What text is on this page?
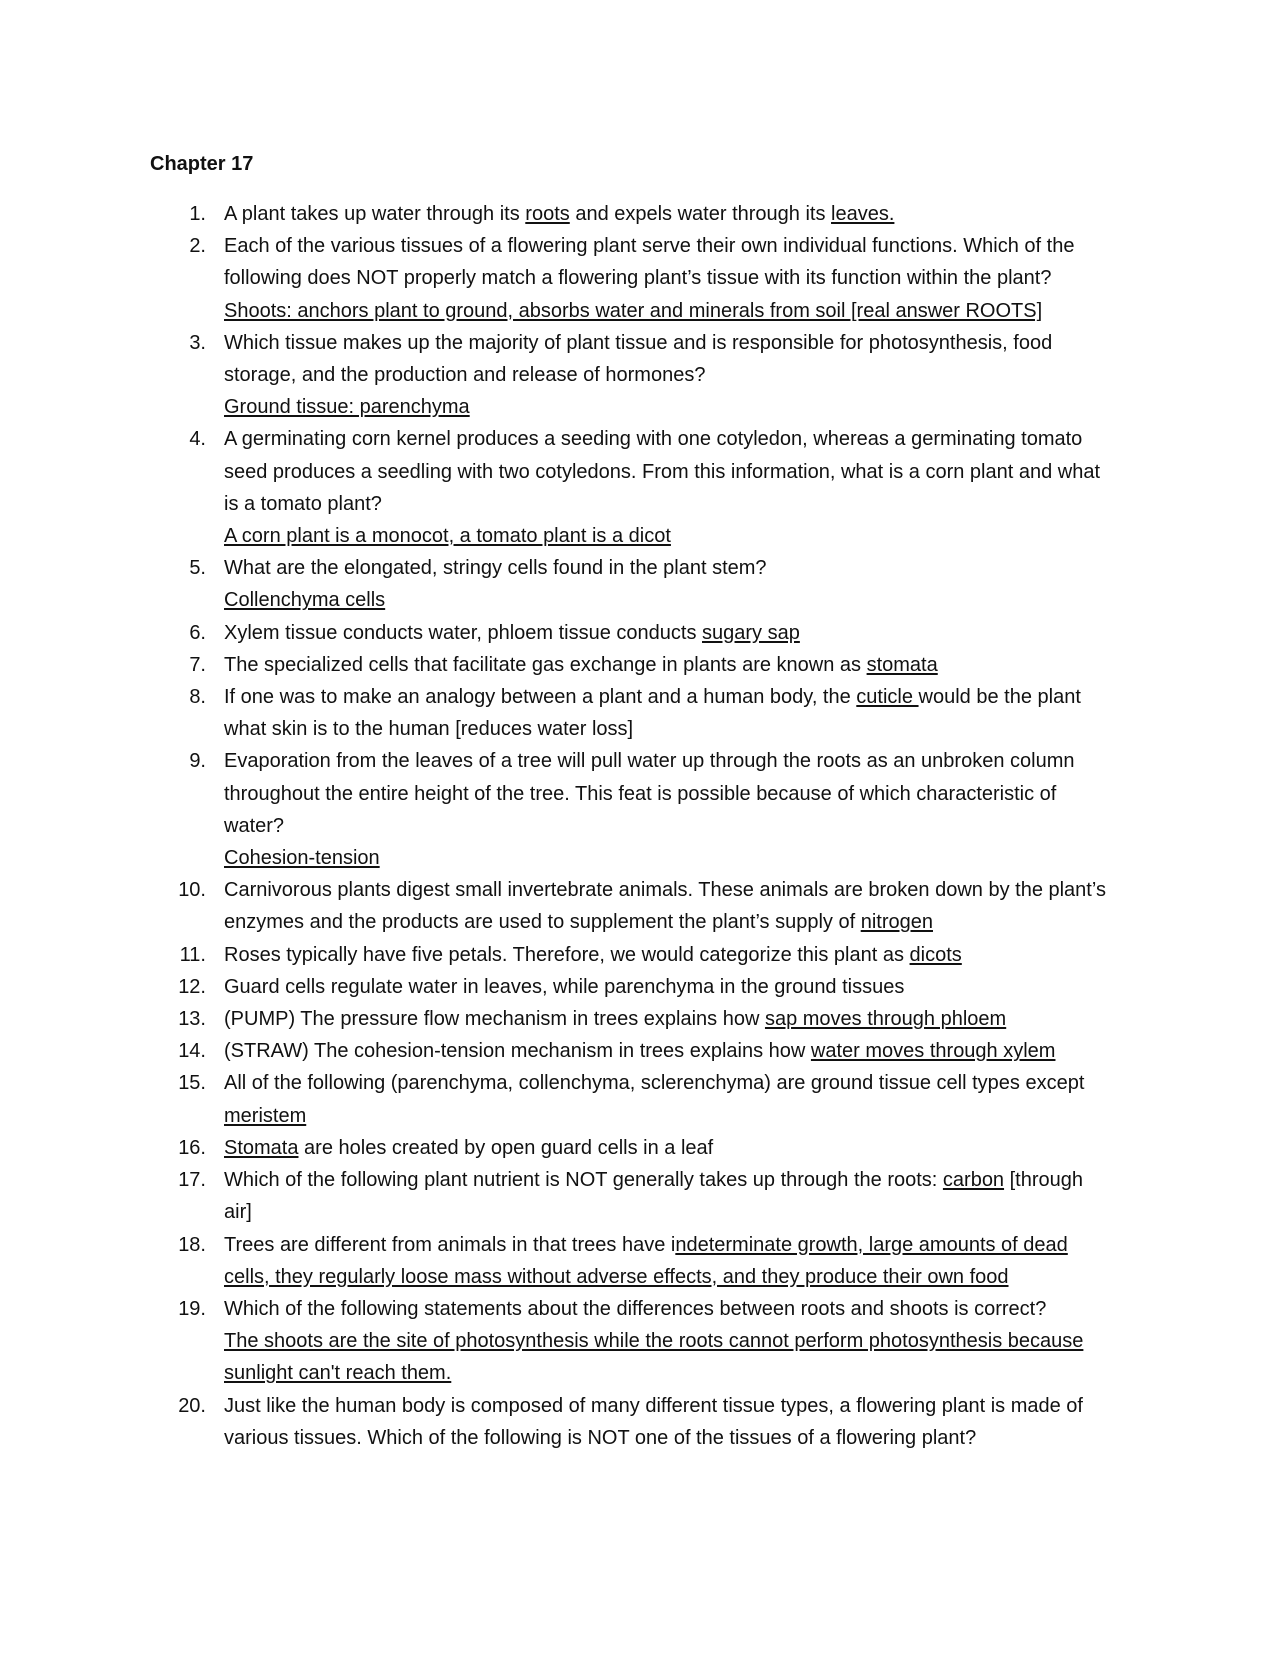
Chapter 17
1. A plant takes up water through its roots and expels water through its leaves.
2. Each of the various tissues of a flowering plant serve their own individual functions. Which of the following does NOT properly match a flowering plant’s tissue with its function within the plant?
Shoots: anchors plant to ground, absorbs water and minerals from soil [real answer ROOTS]
3. Which tissue makes up the majority of plant tissue and is responsible for photosynthesis, food storage, and the production and release of hormones?
Ground tissue: parenchyma
4. A germinating corn kernel produces a seeding with one cotyledon, whereas a germinating tomato seed produces a seedling with two cotyledons. From this information, what is a corn plant and what is a tomato plant?
A corn plant is a monocot, a tomato plant is a dicot
5. What are the elongated, stringy cells found in the plant stem?
Collenchyma cells
6. Xylem tissue conducts water, phloem tissue conducts sugary sap
7. The specialized cells that facilitate gas exchange in plants are known as stomata
8. If one was to make an analogy between a plant and a human body, the cuticle would be the plant what skin is to the human [reduces water loss]
9. Evaporation from the leaves of a tree will pull water up through the roots as an unbroken column throughout the entire height of the tree. This feat is possible because of which characteristic of water?
Cohesion-tension
10. Carnivorous plants digest small invertebrate animals. These animals are broken down by the plant’s enzymes and the products are used to supplement the plant’s supply of nitrogen
11. Roses typically have five petals. Therefore, we would categorize this plant as dicots
12. Guard cells regulate water in leaves, while parenchyma in the ground tissues
13. (PUMP) The pressure flow mechanism in trees explains how sap moves through phloem
14. (STRAW) The cohesion-tension mechanism in trees explains how water moves through xylem
15. All of the following (parenchyma, collenchyma, sclerenchyma) are ground tissue cell types except meristem
16. Stomata are holes created by open guard cells in a leaf
17. Which of the following plant nutrient is NOT generally takes up through the roots: carbon [through air]
18. Trees are different from animals in that trees have indeterminate growth, large amounts of dead cells, they regularly loose mass without adverse effects, and they produce their own food
19. Which of the following statements about the differences between roots and shoots is correct?
The shoots are the site of photosynthesis while the roots cannot perform photosynthesis because sunlight can't reach them.
20. Just like the human body is composed of many different tissue types, a flowering plant is made of various tissues. Which of the following is NOT one of the tissues of a flowering plant?
